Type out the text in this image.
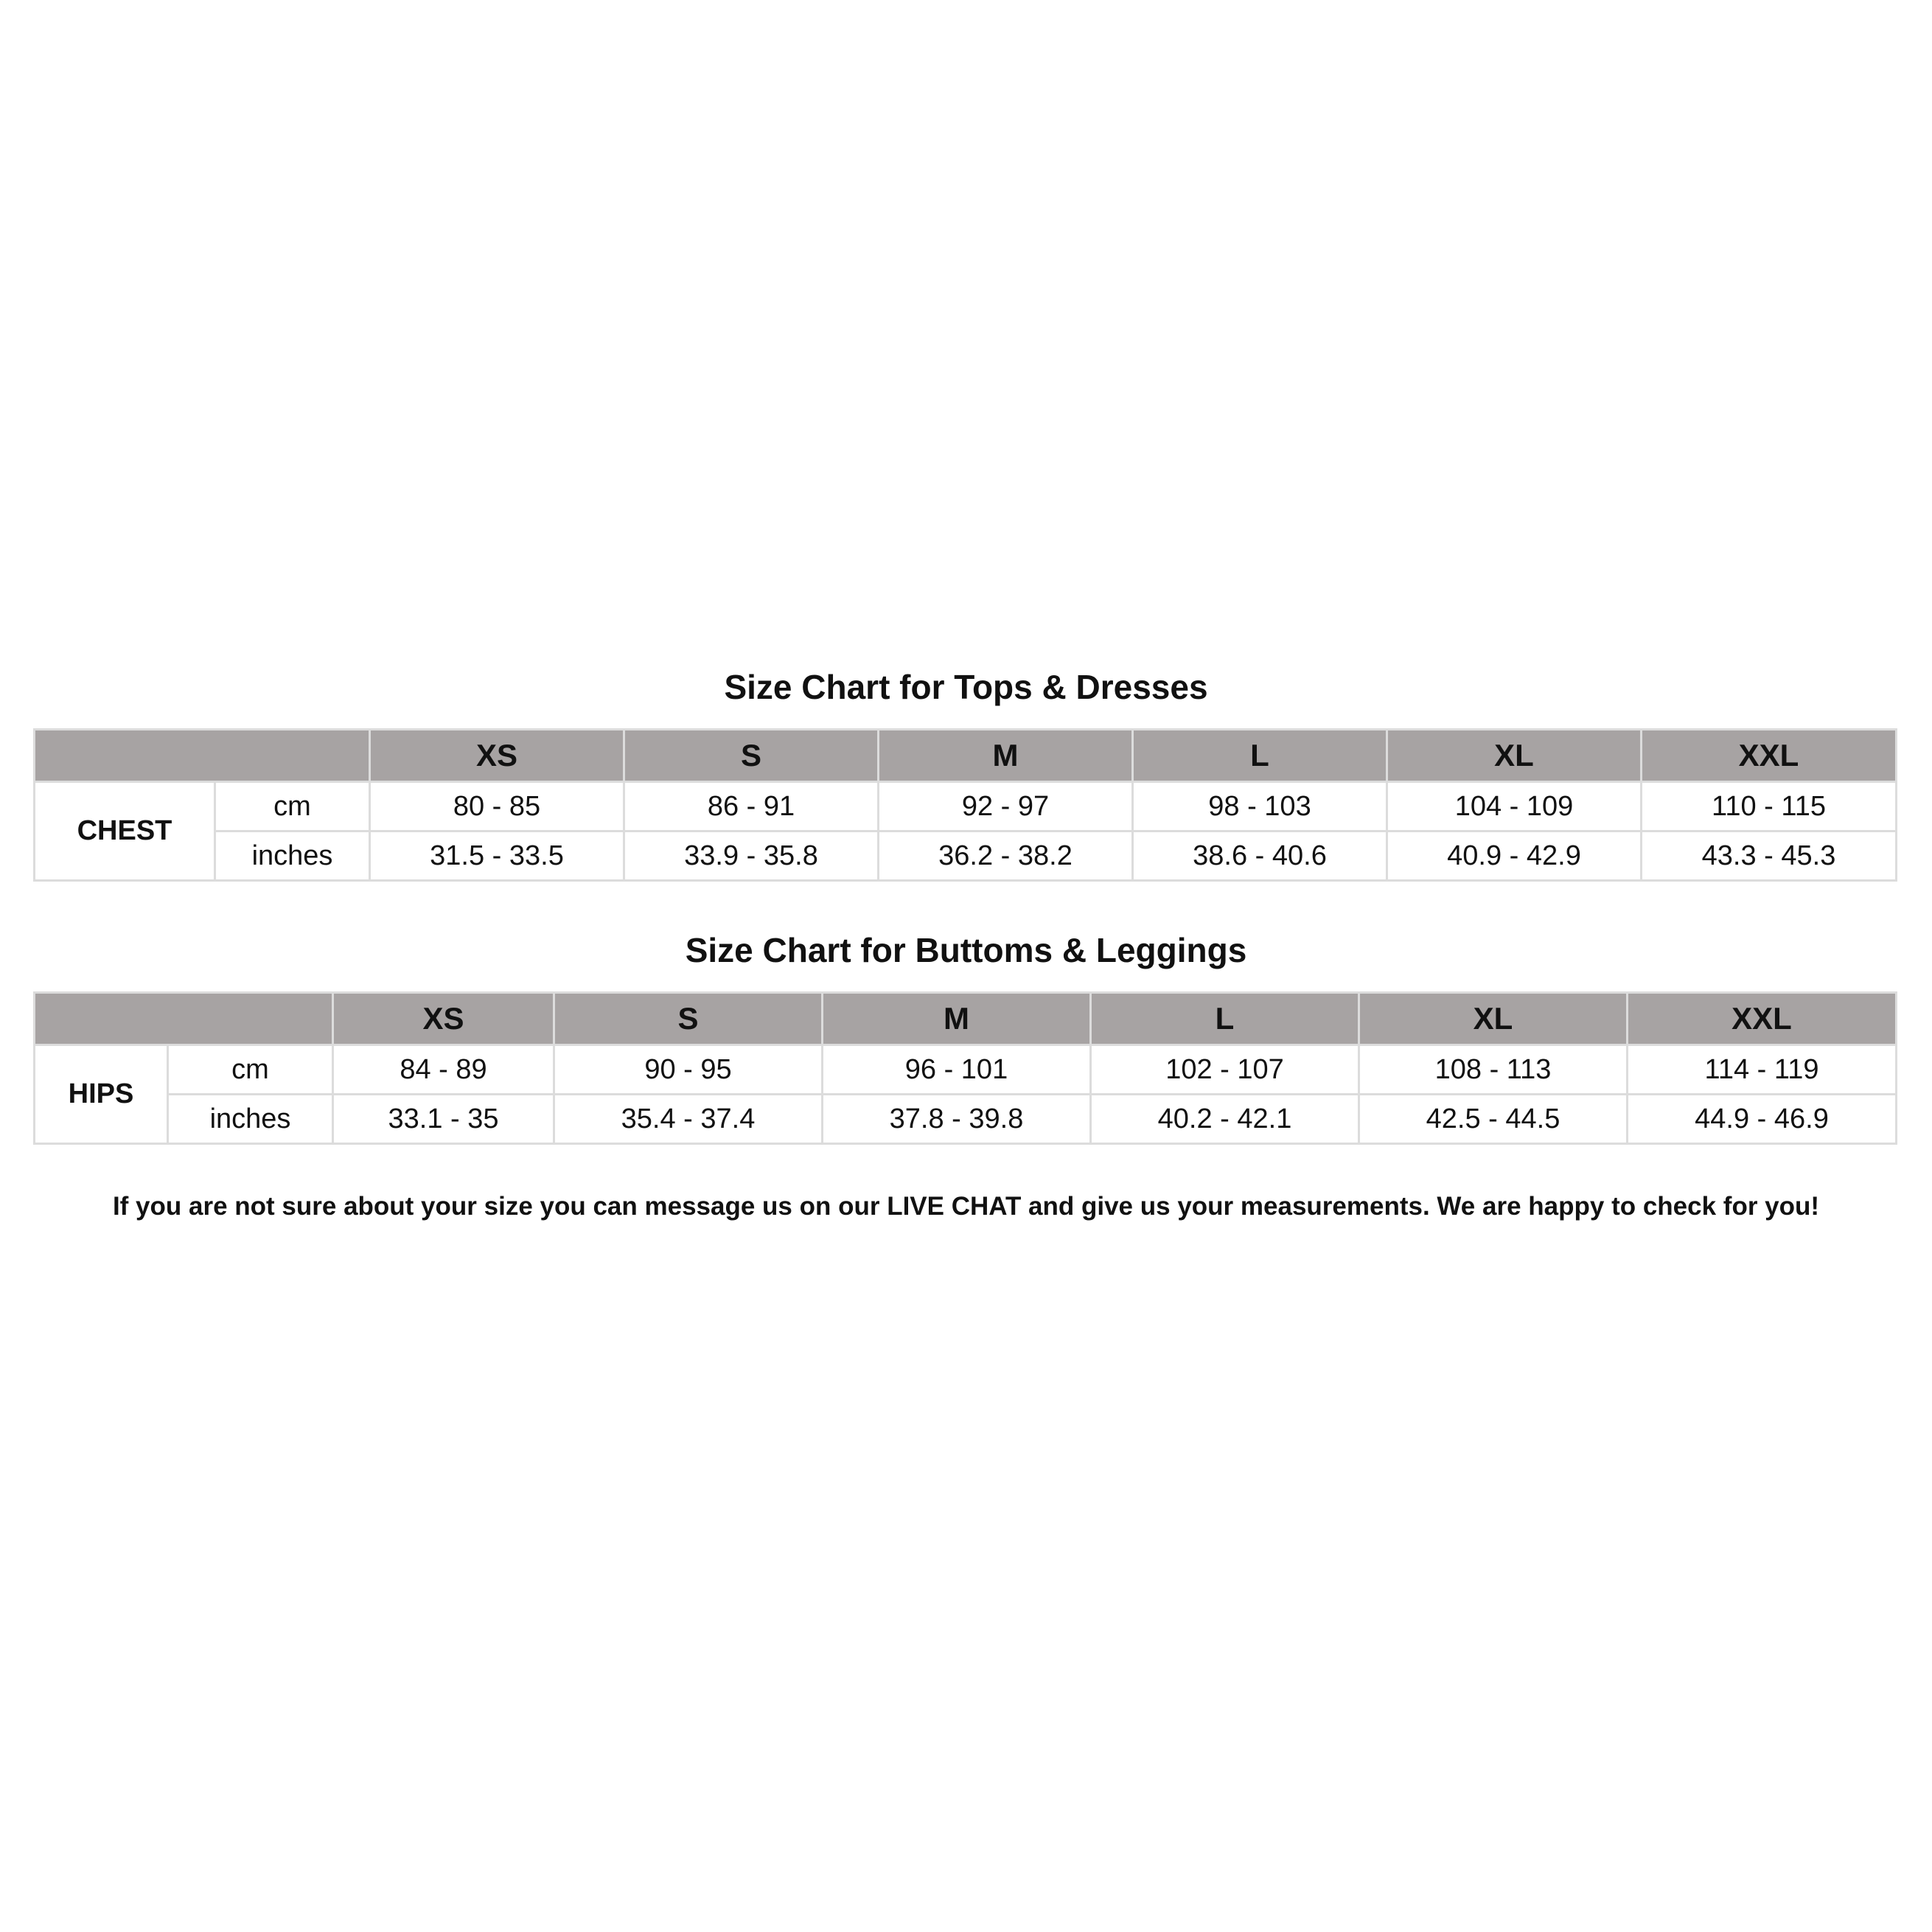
Size Chart for Tops & Dresses
		XS	S	M	L	XL	XXL
CHEST	cm	80 - 85	86 - 91	92 - 97	98 - 103	104 - 109	110 - 115
	inches	31.5 - 33.5	33.9 - 35.8	36.2 - 38.2	38.6 - 40.6	40.9 - 42.9	43.3 - 45.3
Size Chart for Buttoms & Leggings
		XS	S	M	L	XL	XXL
HIPS	cm	84 - 89	90 - 95	96 - 101	102 - 107	108 - 113	114 - 119
	inches	33.1 - 35	35.4 - 37.4	37.8 - 39.8	40.2 - 42.1	42.5 - 44.5	44.9 - 46.9
If you are not sure about your size you can message us on our LIVE CHAT and give us your measurements. We are happy to check for you!
